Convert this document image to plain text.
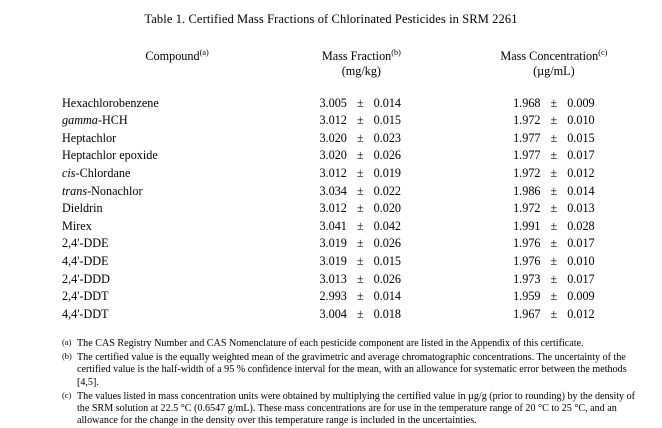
Table 1. Certified Mass Fractions of Chlorinated Pesticides in SRM 2261
Compound$^{(a)}$	Mass Fraction$^{(b)}$				Mass Concentration$^{(c)}$
	(mg/kg)				(µg/mL)		

Hexachlorobenzene	3.005	±	0.014		1.968	±	0.009
gamma-HCH	3.012	±	0.015		1.972	±	0.010
Heptachlor	3.020	±	0.023		1.977	±	0.015
Heptachlor epoxide	3.020	±	0.026		1.977	±	0.017
cis-Chlordane	3.012	±	0.019		1.972	±	0.012
trans-Nonachlor	3.034	±	0.022		1.986	±	0.014
Dieldrin	3.012	±	0.020		1.972	±	0.013
Mirex	3.041	±	0.042		1.991	±	0.028
2,4'-DDE	3.019	±	0.026		1.976	±	0.017
4,4'-DDE	3.019	±	0.015		1.976	±	0.010
2,4'-DDD	3.013	±	0.026		1.973	±	0.017
2,4'-DDT	2.993	±	0.014		1.959	±	0.009
4,4'-DDT	3.004	±	0.018		1.967	±	0.012
(a) The CAS Registry Number and CAS Nomenclature of each pesticide component are listed in the Appendix of this certificate.
(b) The certified value is the equally weighted mean of the gravimetric and average chromatographic concentrations. The uncertainty of the certified value is the half-width of a 95 % confidence interval for the mean, with an allowance for systematic error between the methods [4,5].
(c) The values listed in mass concentration units were obtained by multiplying the certified value in µg/g (prior to rounding) by the density of the SRM solution at 22.5 °C (0.6547 g/mL). These mass concentrations are for use in the temperature range of 20 °C to 25 °C, and an allowance for the change in the density over this temperature range is included in the uncertainties.
